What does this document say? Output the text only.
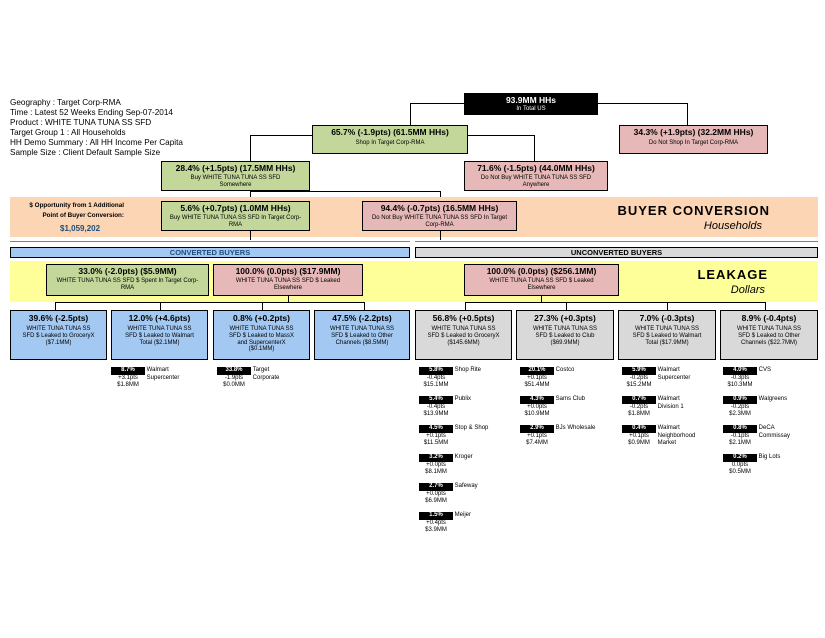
Geography : Target Corp-RMA
Time : Latest 52 Weeks Ending Sep-07-2014
Product : WHITE TUNA TUNA SS SFD
Target Group 1 : All Households
HH Demo Summary : All HH Income Per Capita
Sample Size : Client Default Sample Size
$ Opportunity from 1 Additional Point of Buyer Conversion:
$1,059,202
BUYER CONVERSION
Households
93.9MM HHs
In Total US
65.7% (-1.9pts) (61.5MM HHs)
Shop In Target Corp-RMA
34.3% (+1.9pts) (32.2MM HHs)
Do Not Shop In Target Corp-RMA
28.4% (+1.5pts) (17.5MM HHs)
Buy WHITE TUNA TUNA SS SFD Somewhere
71.6% (-1.5pts) (44.0MM HHs)
Do Not Buy WHITE TUNA TUNA SS SFD Anywhere
5.6% (+0.7pts) (1.0MM HHs)
Buy WHITE TUNA TUNA SS SFD In Target Corp-RMA
94.4% (-0.7pts) (16.5MM HHs)
Do Not Buy WHITE TUNA TUNA SS SFD In Target Corp-RMA
CONVERTED BUYERS	UNCONVERTED BUYERS
LEAKAGE
Dollars
33.0% (-2.0pts) ($5.9MM)
WHITE TUNA TUNA SS SFD $ Spent In Target Corp-RMA
100.0% (0.0pts) ($17.9MM)
WHITE TUNA TUNA SS SFD $ Leaked Elsewhere
100.0% (0.0pts) ($256.1MM)
WHITE TUNA TUNA SS SFD $ Leaked Elsewhere
39.6% (-2.5pts)
WHITE TUNA TUNA SS
SFD $ Leaked to GroceryX
($7.1MM)
12.0% (+4.6pts)
WHITE TUNA TUNA SS
SFD $ Leaked to Walmart
Total ($2.1MM)
0.8% (+0.2pts)
WHITE TUNA TUNA SS
SFD $ Leaked to MassX
and SupercenterX
($0.1MM)
47.5% (-2.2pts)
WHITE TUNA TUNA SS
SFD $ Leaked to Other
Channels ($8.5MM)
56.8% (+0.5pts)
WHITE TUNA TUNA SS
SFD $ Leaked to GroceryX
($145.6MM)
27.3% (+0.3pts)
WHITE TUNA TUNA SS
SFD $ Leaked to Club
($69.9MM)
7.0% (-0.3pts)
WHITE TUNA TUNA SS
SFD $ Leaked to Walmart
Total ($17.9MM)
8.9% (-0.4pts)
WHITE TUNA TUNA SS
SFD $ Leaked to Other
Channels ($22.7MM)
8.7% Walmart
+3.1pts Supercenter
$1.8MM
33.8% Target
-1.9pts Corporate
$0.0MM
5.8% Shop Rite
-0.4pts
$15.1MM
5.4% Publix
-0.4pts
$13.9MM
4.5% Stop & Shop
+0.1pts
$11.5MM
3.2% Kroger
+0.0pts
$8.1MM
2.7% Safeway
+0.0pts
$6.9MM
1.5% Meijer
+0.4pts
$3.9MM
20.1% Costco
+0.1pts
$51.4MM
4.3% Sams Club
+0.0pts
$10.9MM
2.9% BJs Wholesale
+0.1pts
$7.4MM
5.9% Walmart
-0.2pts Supercenter
$15.2MM
0.7% Walmart
-0.2pts Division 1
$1.8MM
0.4% Walmart
+0.1pts Neighborhood
$0.9MM Market
4.0% CVS
-0.3pts
$10.3MM
0.9% Walgreens
-0.2pts
$2.3MM
0.8% DeCA
-0.1pts Commissay
$2.1MM
0.2% Big Lots
0.0pts
$0.5MM
